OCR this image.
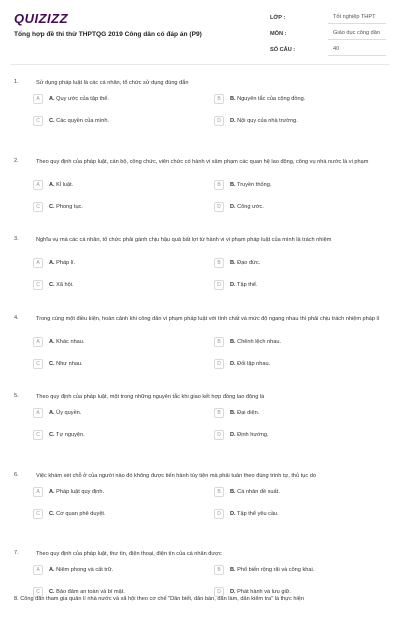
QUIZIZZ
Tổng hợp đề thi thử THPTQG 2019 Công dân có đáp án (P9)
LỚP :	Tốt nghiệp THPT
MÔN :	Giáo dục công dân
SỐ CÂU :	40
1.	Sử dụng pháp luật là các cá nhân, tổ chức sử dụng đúng đắn
A	A. Quy ước của tập thể.	B	B. Nguyên tắc của cộng đồng.
C	C. Các quyền của mình.	D	D. Nội quy của nhà trường.
2.	Theo quy định của pháp luật, cán bộ, công chức, viên chức có hành vi xâm phạm các quan hệ lao động, công vụ nhà nước là vi phạm
A	A. Kỉ luật.	B	B. Truyền thống.
C	C. Phong tục.	D	D. Công ước.
3.	Nghĩa vụ mà các cá nhân, tổ chức phải gánh chịu hậu quả bất lợi từ hành vi vi phạm pháp luật của mình là trách nhiệm
A	A. Pháp lí.	B	B. Đạo đức.
C	C. Xã hội.	D	D. Tập thể.
4.	Trong cùng một điều kiện, hoàn cảnh khi công dân vi phạm pháp luật với tính chất và mức độ ngang nhau thì phải chịu trách nhiệm pháp lí
A	A. Khác nhau.	B	B. Chênh lệch nhau.
C	C. Như nhau.	D	D. Đối lập nhau.
5.	Theo quy định của pháp luật, một trong những nguyên tắc khi giao kết hợp đồng lao động là
A	A. Ủy quyền.	B	B. Đại diện.
C	C. Tự nguyện.	D	D. Định hướng.
6.	Việc khám xét chỗ ở của người nào đó không được tiến hành tùy tiện mà phải tuân theo đúng trình tự, thủ tục do
A	A. Pháp luật quy định.	B	B. Cá nhân đề xuất.
C	C. Cơ quan phê duyệt.	D	D. Tập thể yêu cầu.
7.	Theo quy định của pháp luật, thư tín, điện thoại, điện tín của cá nhân được
A	A. Niêm phong và cất trữ.	B	B. Phổ biến rộng rãi và công khai.
C	C. Bảo đảm an toàn và bí mật.	D	D. Phát hành và lưu giữ.
8. Công dân tham gia quản lí nhà nước và xã hội theo cơ chế "Dân biết, dân bàn, dân làm, dân kiểm tra" là thực hiện
